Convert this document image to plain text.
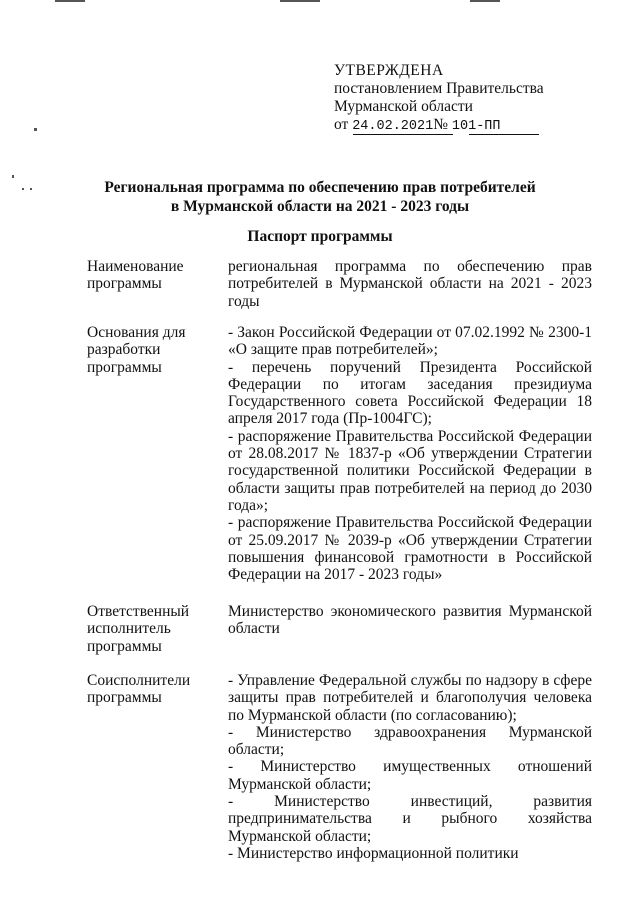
УТВЕРЖДЕНА
постановлением Правительства
Мурманской области
от 24.02.2021№ 101-ПП
Региональная программа по обеспечению прав потребителей
в Мурманской области на 2021 - 2023 годы
Паспорт программы
Наименование
программы

региональная программа по обеспечению прав потребителей в Мурманской области на 2021 - 2023 годы

Основания для
разработки
программы

- Закон Российской Федерации от 07.02.1992 № 2300-1 «О защите прав потребителей»;

- перечень поручений Президента Российской Федерации по итогам заседания президиума Государственного совета Российской Федерации 18 апреля 2017 года (Пр-1004ГС);

- распоряжение Правительства Российской Федерации от 28.08.2017 № 1837-р «Об утверждении Стратегии государственной политики Российской Федерации в области защиты прав потребителей на период до 2030 года»;

- распоряжение Правительства Российской Федерации от 25.09.2017 № 2039-р «Об утверждении Стратегии повышения финансовой грамотности в Российской Федерации на 2017 - 2023 годы»

Ответственный
исполнитель
программы

Министерство экономического развития Мурманской области

Соисполнители
программы

- Управление Федеральной службы по надзору в сфере защиты прав потребителей и благополучия человека по Мурманской области (по согласованию);

- Министерство здравоохранения Мурманской области;

- Министерство имущественных отношений Мурманской области;

- Министерство инвестиций, развития предпринимательства и рыбного хозяйства Мурманской области;

- Министерство информационной политики
